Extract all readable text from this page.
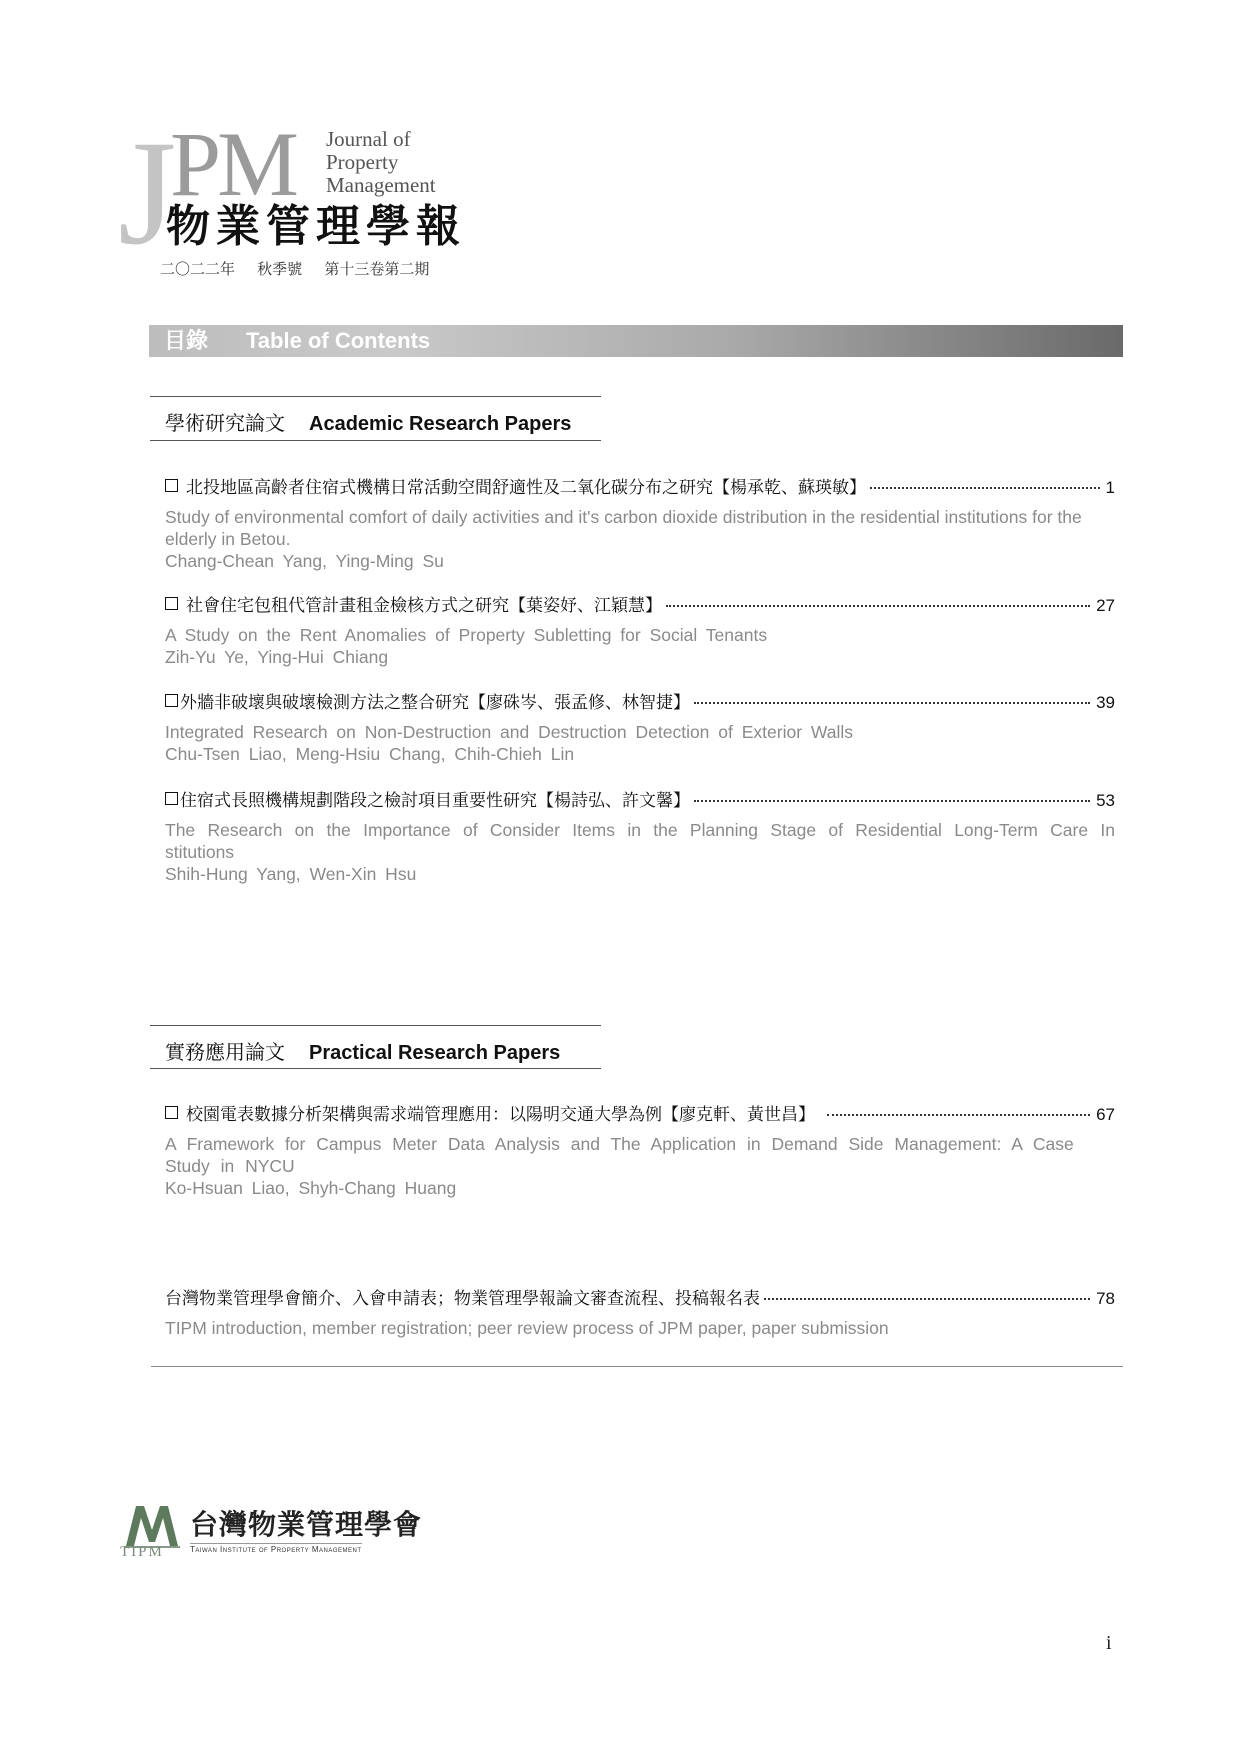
J PM Journal of
Property
Management
物業管理學報
二〇二二年 秋季號 第十三卷第二期
目錄 Table of Contents
學術研究論文 Academic Research Papers
北投地區高齡者住宿式機構日常活動空間舒適性及二氧化碳分布之研究【楊承乾、蘇瑛敏】	1
Study of environmental comfort of daily activities and it's carbon dioxide distribution in the residential institutions for the elderly in Betou.
Chang-Chean Yang, Ying-Ming Su
社會住宅包租代管計畫租金檢核方式之研究【葉姿妤、江穎慧】	27
A Study on the Rent Anomalies of Property Subletting for Social Tenants
Zih-Yu Ye, Ying-Hui Chiang
外牆非破壞與破壞檢測方法之整合研究【廖硃岑、張孟修、林智捷】	39
Integrated Research on Non-Destruction and Destruction Detection of Exterior Walls
Chu-Tsen Liao, Meng-Hsiu Chang, Chih-Chieh Lin
住宿式長照機構規劃階段之檢討項目重要性研究【楊詩弘、許文馨】	53
The Research on the Importance of Consider Items in the Planning Stage of Residential Long-Term Care In stitutions
Shih-Hung Yang, Wen-Xin Hsu
實務應用論文 Practical Research Papers
校園電表數據分析架構與需求端管理應用：以陽明交通大學為例【廖克軒、黃世昌】	67
A Framework for Campus Meter Data Analysis and The Application in Demand Side Management: A Case Study in NYCU
Ko-Hsuan Liao, Shyh-Chang Huang
台灣物業管理學會簡介、入會申請表；物業管理學報論文審查流程、投稿報名表	78
TIPM introduction, member registration; peer review process of JPM paper, paper submission
TIPM
台灣物業管理學會
Taiwan Institute of Property Management
i
